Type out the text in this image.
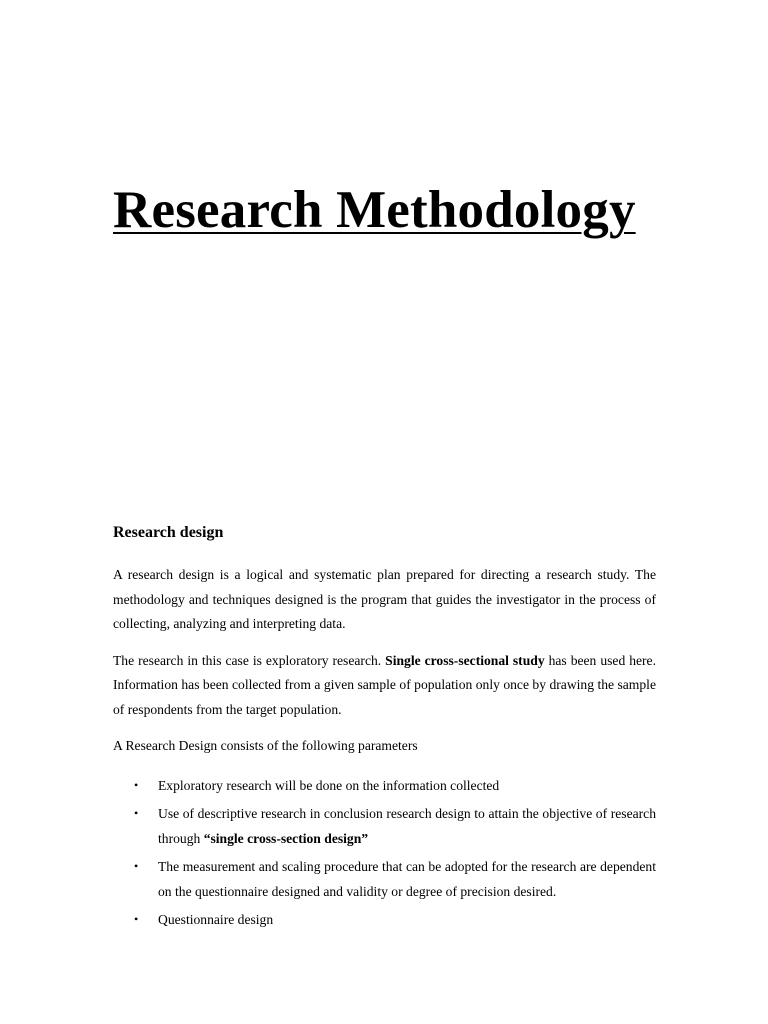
Research Methodology
Research design

A research design is a logical and systematic plan prepared for directing a research study. The methodology and techniques designed is the program that guides the investigator in the process of collecting, analyzing and interpreting data.

The research in this case is exploratory research. Single cross-sectional study has been used here. Information has been collected from a given sample of population only once by drawing the sample of respondents from the target population.

A Research Design consists of the following parameters

• Exploratory research will be done on the information collected
• Use of descriptive research in conclusion research design to attain the objective of research through “single cross-section design”
• The measurement and scaling procedure that can be adopted for the research are dependent on the questionnaire designed and validity or degree of precision desired.
• Questionnaire design
